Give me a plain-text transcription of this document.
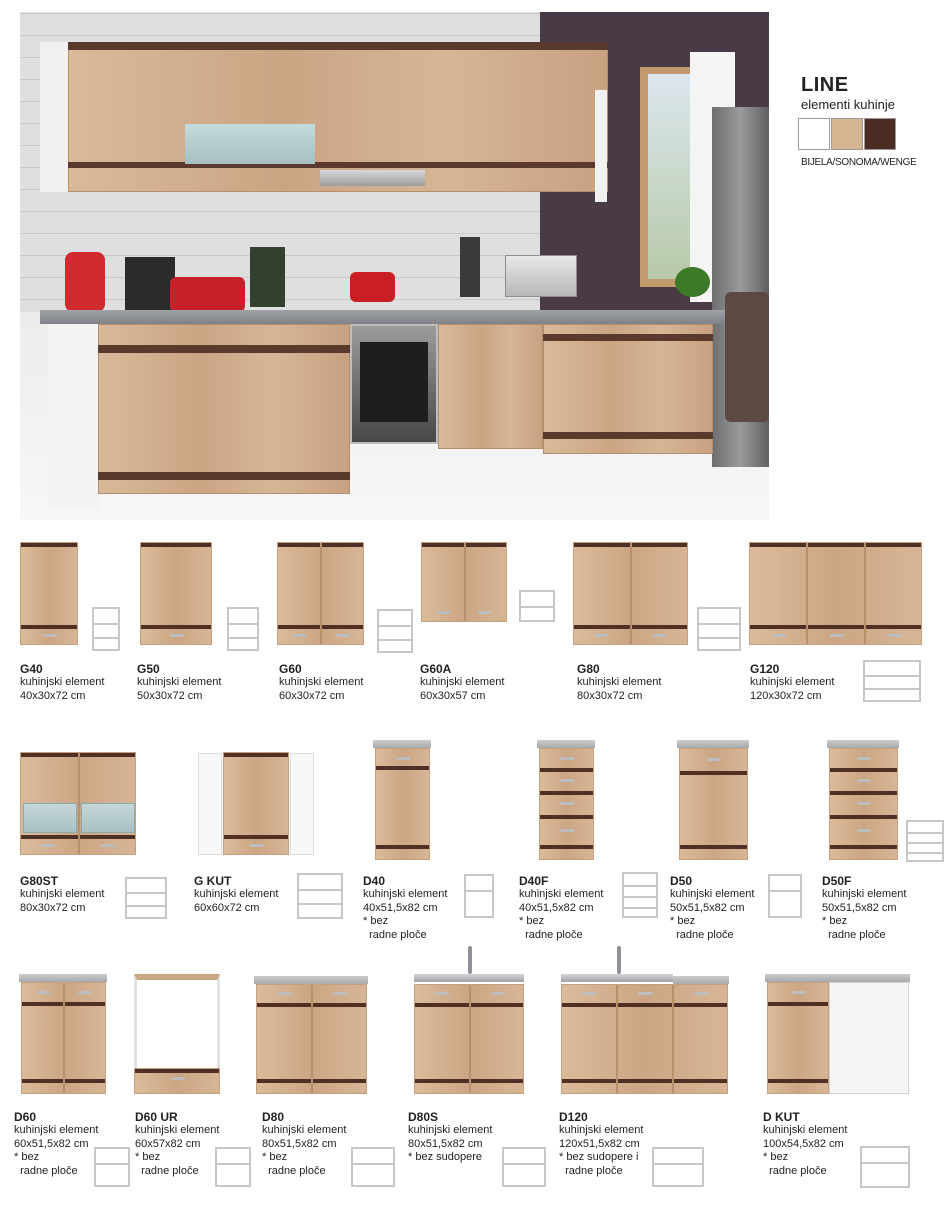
LINE
elementi kuhinje
BIJELA/SONOMA/WENGE
G40
kuhinjski element
40x30x72 cm
G50
kuhinjski element
50x30x72 cm
G60
kuhinjski element
60x30x72 cm
G60A
kuhinjski element
60x30x57 cm
G80
kuhinjski element
80x30x72 cm
G120
kuhinjski element
120x30x72 cm
G80ST
kuhinjski element
80x30x72 cm
G KUT
kuhinjski element
60x60x72 cm
D40
kuhinjski element
40x51,5x82 cm
* bez
radne ploče
D40F
kuhinjski element
40x51,5x82 cm
* bez
radne ploče
D50
kuhinjski element
50x51,5x82 cm
* bez
radne ploče
D50F
kuhinjski element
50x51,5x82 cm
* bez
radne ploče
D60
kuhinjski element
60x51,5x82 cm
* bez
radne ploče
D60 UR
kuhinjski element
60x57x82 cm
* bez
radne ploče
D80
kuhinjski element
80x51,5x82 cm
* bez
radne ploče
D80S
kuhinjski element
80x51,5x82 cm
* bez sudopere
D120
kuhinjski element
120x51,5x82 cm
* bez sudopere i
radne ploče
D KUT
kuhinjski element
100x54,5x82 cm
* bez
radne ploče
